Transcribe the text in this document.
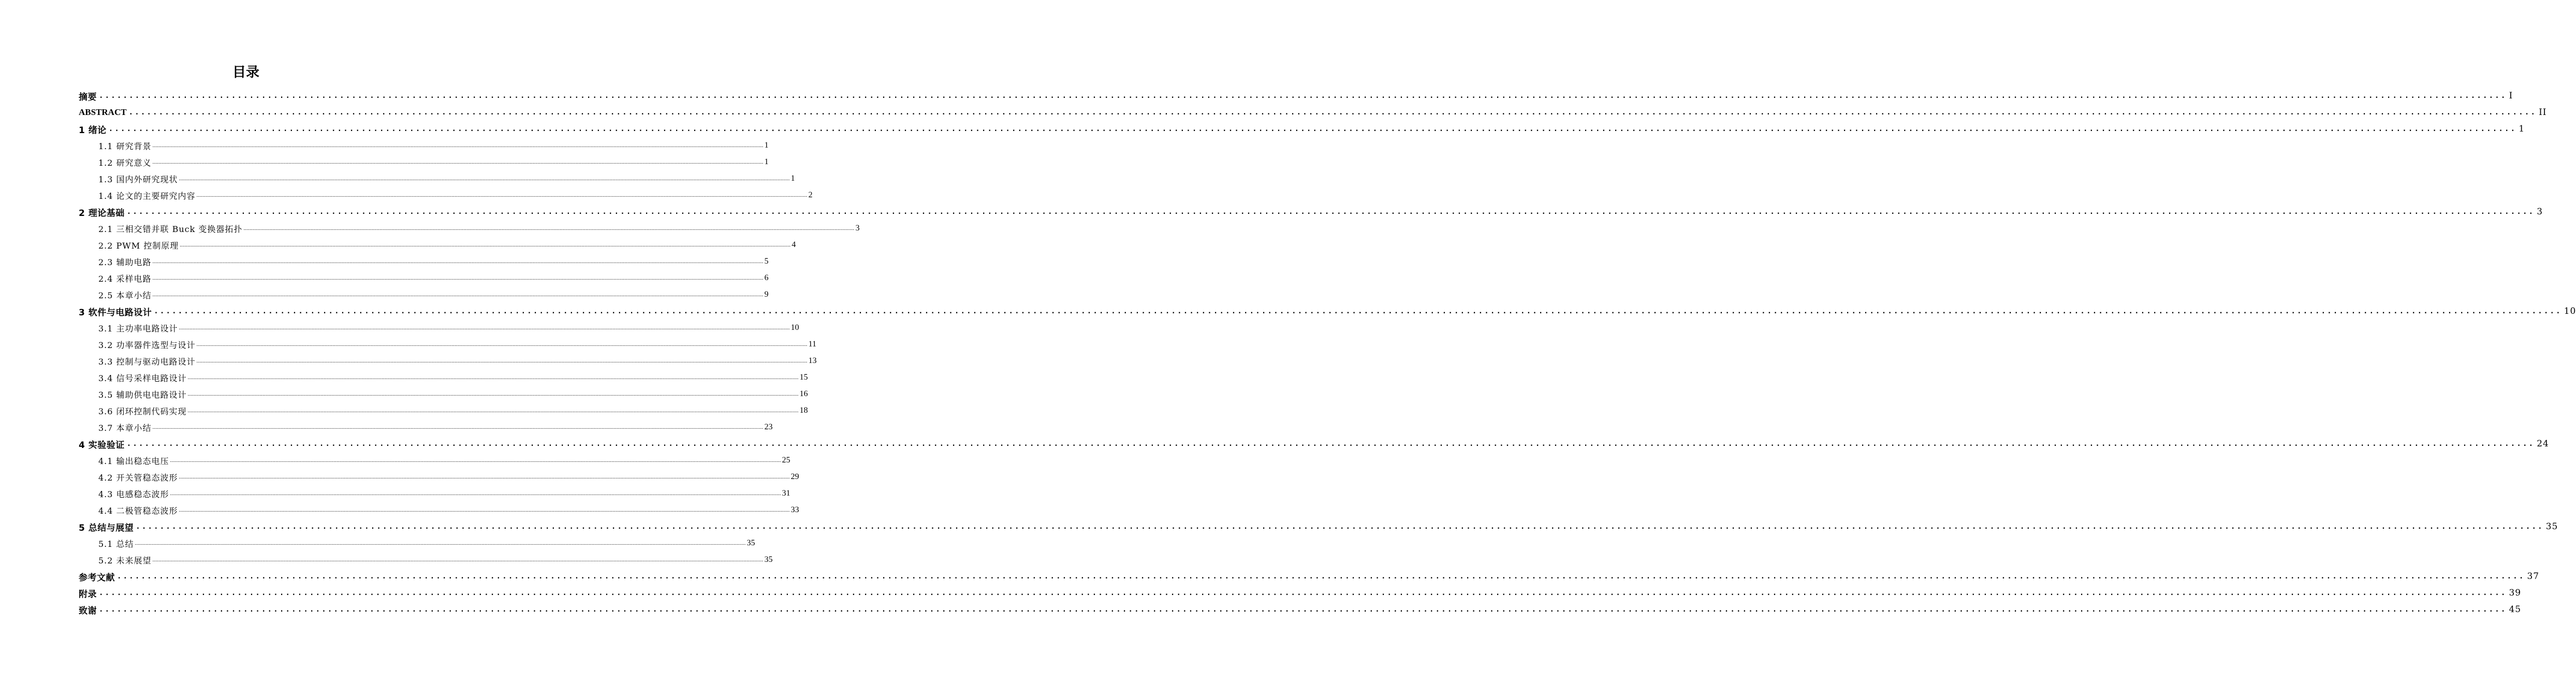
目录
摘要 ................................................................................................................................................................................................................................................................................................................................................................................................................ I
ABSTRACT ................................................................................................................................................................................................................................................................................................................................................................................................................ II
1 绪论 ................................................................................................................................................................................................................................................................................................................................................................................................................ 1
1.1 研究背景 ................................................................................................................................................................................................................................................................................................................................................................................................................ 1
1.2 研究意义 ................................................................................................................................................................................................................................................................................................................................................................................................................ 1
1.3 国内外研究现状 ................................................................................................................................................................................................................................................................................................................................................................................................................ 1
1.4 论文的主要研究内容 ................................................................................................................................................................................................................................................................................................................................................................................................................ 2
2 理论基础 ................................................................................................................................................................................................................................................................................................................................................................................................................ 3
2.1 三相交错并联 Buck 变换器拓扑 ................................................................................................................................................................................................................................................................................................................................................................................................................ 3
2.2 PWM 控制原理 ................................................................................................................................................................................................................................................................................................................................................................................................................ 4
2.3 辅助电路 ................................................................................................................................................................................................................................................................................................................................................................................................................ 5
2.4 采样电路 ................................................................................................................................................................................................................................................................................................................................................................................................................ 6
2.5 本章小结 ................................................................................................................................................................................................................................................................................................................................................................................................................ 9
3 软件与电路设计 ................................................................................................................................................................................................................................................................................................................................................................................................................ 10
3.1 主功率电路设计 ................................................................................................................................................................................................................................................................................................................................................................................................................ 10
3.2 功率器件选型与设计 ................................................................................................................................................................................................................................................................................................................................................................................................................ 11
3.3 控制与驱动电路设计 ................................................................................................................................................................................................................................................................................................................................................................................................................ 13
3.4 信号采样电路设计 ................................................................................................................................................................................................................................................................................................................................................................................................................ 15
3.5 辅助供电电路设计 ................................................................................................................................................................................................................................................................................................................................................................................................................ 16
3.6 闭环控制代码实现 ................................................................................................................................................................................................................................................................................................................................................................................................................ 18
3.7 本章小结 ................................................................................................................................................................................................................................................................................................................................................................................................................ 23
4 实验验证 ................................................................................................................................................................................................................................................................................................................................................................................................................ 24
4.1 输出稳态电压 ................................................................................................................................................................................................................................................................................................................................................................................................................ 25
4.2 开关管稳态波形 ................................................................................................................................................................................................................................................................................................................................................................................................................ 29
4.3 电感稳态波形 ................................................................................................................................................................................................................................................................................................................................................................................................................ 31
4.4 二极管稳态波形 ................................................................................................................................................................................................................................................................................................................................................................................................................ 33
5 总结与展望 ................................................................................................................................................................................................................................................................................................................................................................................................................ 35
5.1 总结 ................................................................................................................................................................................................................................................................................................................................................................................................................ 35
5.2 未来展望 ................................................................................................................................................................................................................................................................................................................................................................................................................ 35
参考文献 ................................................................................................................................................................................................................................................................................................................................................................................................................ 37
附录 ................................................................................................................................................................................................................................................................................................................................................................................................................ 39
致谢 ................................................................................................................................................................................................................................................................................................................................................................................................................ 45
